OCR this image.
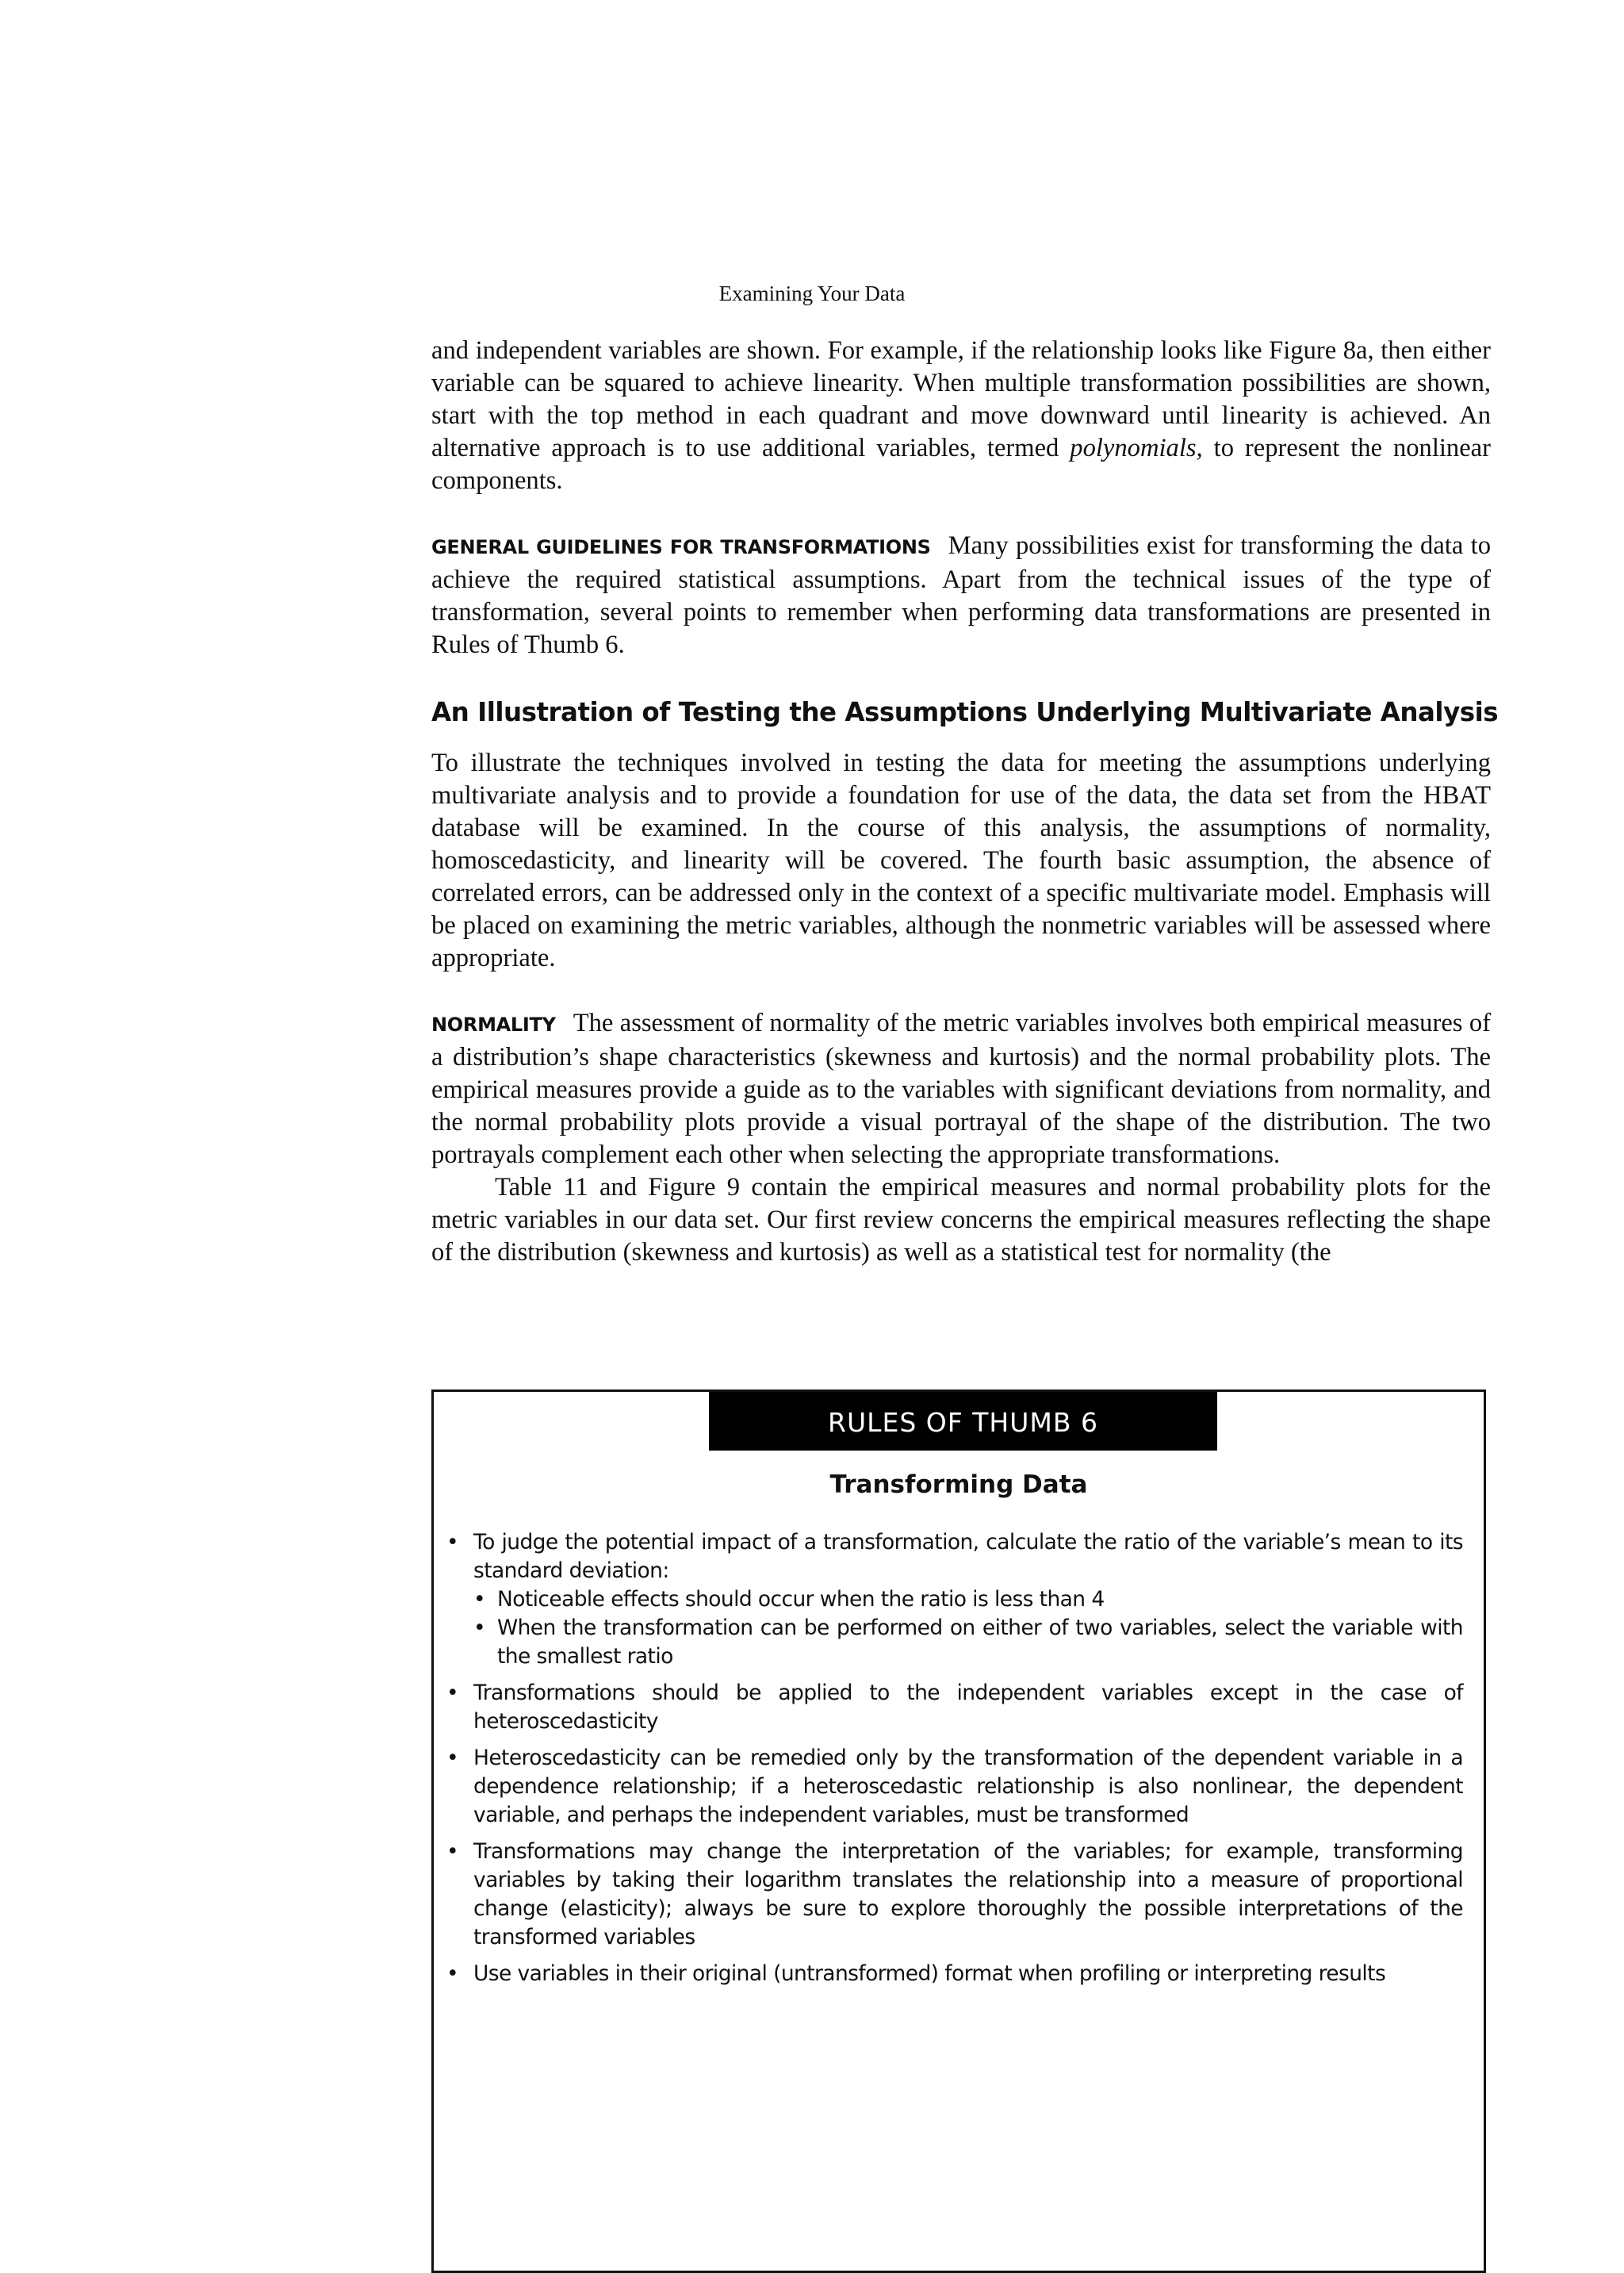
Examining Your Data

and independent variables are shown. For example, if the relationship looks like Figure 8a, then either variable can be squared to achieve linearity. When multiple transformation possibilities are shown, start with the top method in each quadrant and move downward until linearity is achieved. An alternative approach is to use additional variables, termed polynomials, to represent the nonlinear components.

GENERAL GUIDELINES FOR TRANSFORMATIONS Many possibilities exist for transforming the data to achieve the required statistical assumptions. Apart from the technical issues of the type of transformation, several points to remember when performing data transformations are presented in Rules of Thumb 6.

An Illustration of Testing the Assumptions Underlying Multivariate Analysis

To illustrate the techniques involved in testing the data for meeting the assumptions underlying multivariate analysis and to provide a foundation for use of the data, the data set from the HBAT database will be examined. In the course of this analysis, the assumptions of normality, homoscedasticity, and linearity will be covered. The fourth basic assumption, the absence of correlated errors, can be addressed only in the context of a specific multivariate model. Emphasis will be placed on examining the metric variables, although the nonmetric variables will be assessed where appropriate.

NORMALITY The assessment of normality of the metric variables involves both empirical measures of a distribution’s shape characteristics (skewness and kurtosis) and the normal probability plots. The empirical measures provide a guide as to the variables with significant deviations from normality, and the normal probability plots provide a visual portrayal of the shape of the distribution. The two portrayals complement each other when selecting the appropriate transformations.

Table 11 and Figure 9 contain the empirical measures and normal probability plots for the metric variables in our data set. Our first review concerns the empirical measures reflecting the shape of the distribution (skewness and kurtosis) as well as a statistical test for normality (the

RULES OF THUMB 6
Transforming Data
• To judge the potential impact of a transformation, calculate the ratio of the variable’s mean to its standard deviation:
• Noticeable effects should occur when the ratio is less than 4
• When the transformation can be performed on either of two variables, select the variable with the smallest ratio
• Transformations should be applied to the independent variables except in the case of heteroscedasticity
• Heteroscedasticity can be remedied only by the transformation of the dependent variable in a dependence relationship; if a heteroscedastic relationship is also nonlinear, the dependent variable, and perhaps the independent variables, must be transformed
• Transformations may change the interpretation of the variables; for example, transforming variables by taking their logarithm translates the relationship into a measure of proportional change (elasticity); always be sure to explore thoroughly the possible interpretations of the transformed variables
• Use variables in their original (untransformed) format when profiling or interpreting results
